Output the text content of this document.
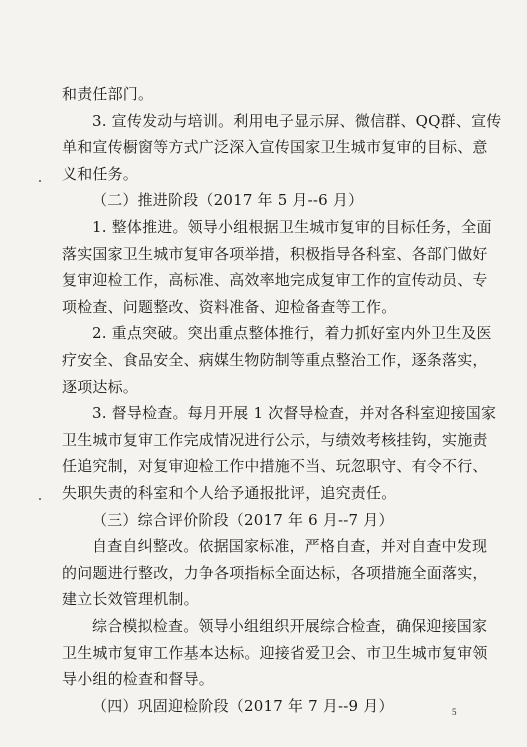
5
和责任部门。
3. 宣传发动与培训。利用电子显示屏、微信群、QQ群、宣传
单和宣传橱窗等方式广泛深入宣传国家卫生城市复审的目标、意
义和任务。
（二）推进阶段（2017 年 5 月--6 月）
1. 整体推进。领导小组根据卫生城市复审的目标任务，全面
落实国家卫生城市复审各项举措，积极指导各科室、各部门做好
复审迎检工作，高标准、高效率地完成复审工作的宣传动员、专
项检查、问题整改、资料准备、迎检备查等工作。
2. 重点突破。突出重点整体推行，着力抓好室内外卫生及医
疗安全、食品安全、病媒生物防制等重点整治工作，逐条落实，
逐项达标。
3. 督导检查。每月开展 1 次督导检查，并对各科室迎接国家
卫生城市复审工作完成情况进行公示，与绩效考核挂钩，实施责
任追究制，对复审迎检工作中措施不当、玩忽职守、有令不行、
失职失责的科室和个人给予通报批评，追究责任。
（三）综合评价阶段（2017 年 6 月--7 月）
自查自纠整改。依据国家标准，严格自查，并对自查中发现
的问题进行整改，力争各项指标全面达标，各项措施全面落实，
建立长效管理机制。
综合模拟检查。领导小组组织开展综合检查，确保迎接国家
卫生城市复审工作基本达标。迎接省爱卫会、市卫生城市复审领
导小组的检查和督导。
（四）巩固迎检阶段（2017 年 7 月--9 月）
